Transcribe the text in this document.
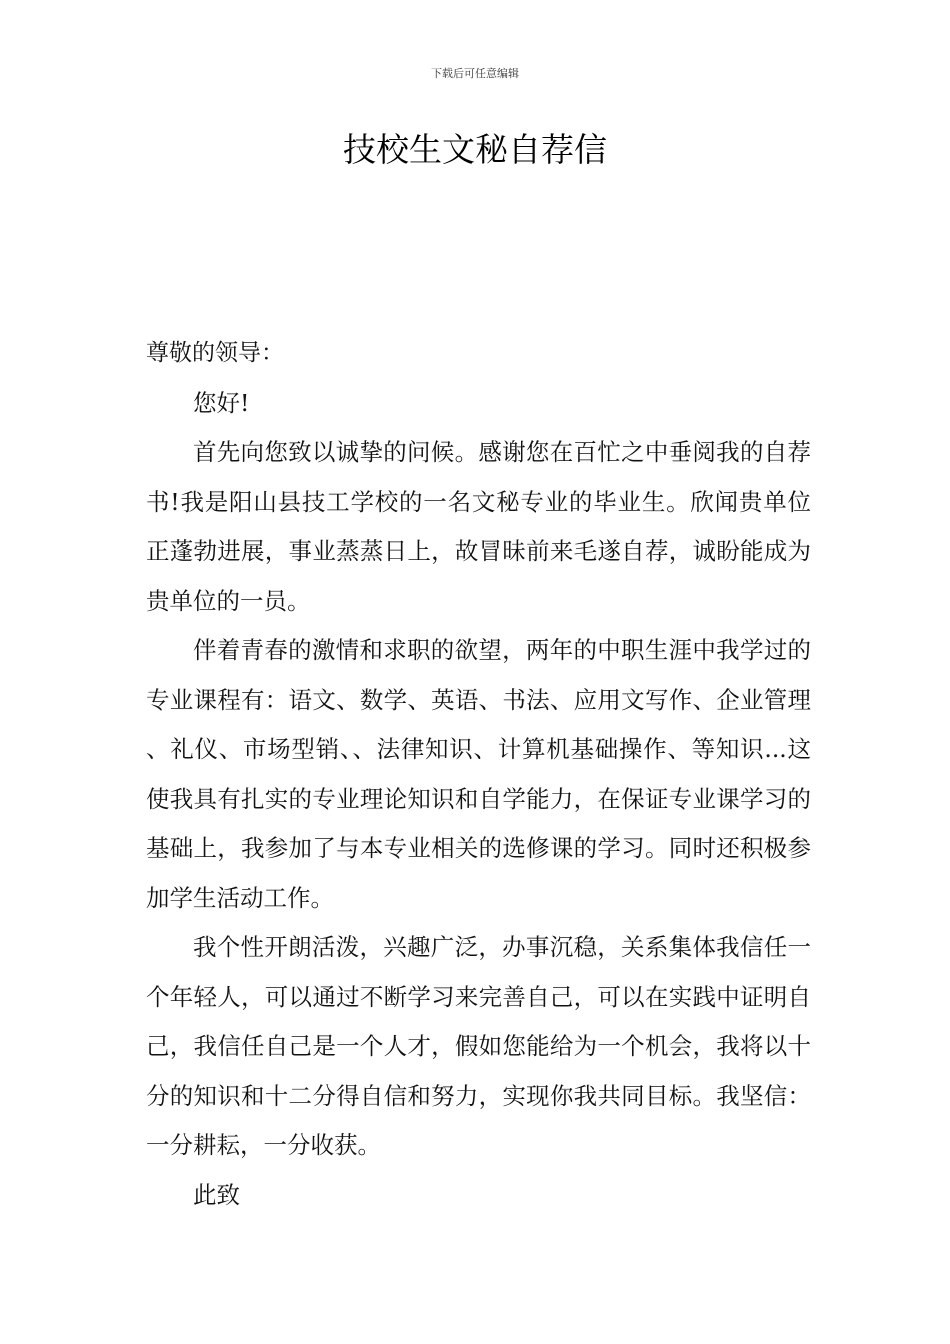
下载后可任意编辑
技校生文秘自荐信

尊敬的领导：

您好!

首先向您致以诚挚的问候。感谢您在百忙之中垂阅我的自荐书!我是阳山县技工学校的一名文秘专业的毕业生。欣闻贵单位正蓬勃进展，事业蒸蒸日上，故冒昧前来毛遂自荐，诚盼能成为贵单位的一员。

伴着青春的激情和求职的欲望，两年的中职生涯中我学过的专业课程有：语文、数学、英语、书法、应用文写作、企业管理、礼仪、市场型销、、法律知识、计算机基础操作、等知识...这使我具有扎实的专业理论知识和自学能力，在保证专业课学习的基础上，我参加了与本专业相关的选修课的学习。同时还积极参加学生活动工作。

我个性开朗活泼，兴趣广泛，办事沉稳，关系集体我信任一个年轻人，可以通过不断学习来完善自己，可以在实践中证明自己，我信任自己是一个人才，假如您能给为一个机会，我将以十分的知识和十二分得自信和努力，实现你我共同目标。我坚信：一分耕耘，一分收获。

此致
